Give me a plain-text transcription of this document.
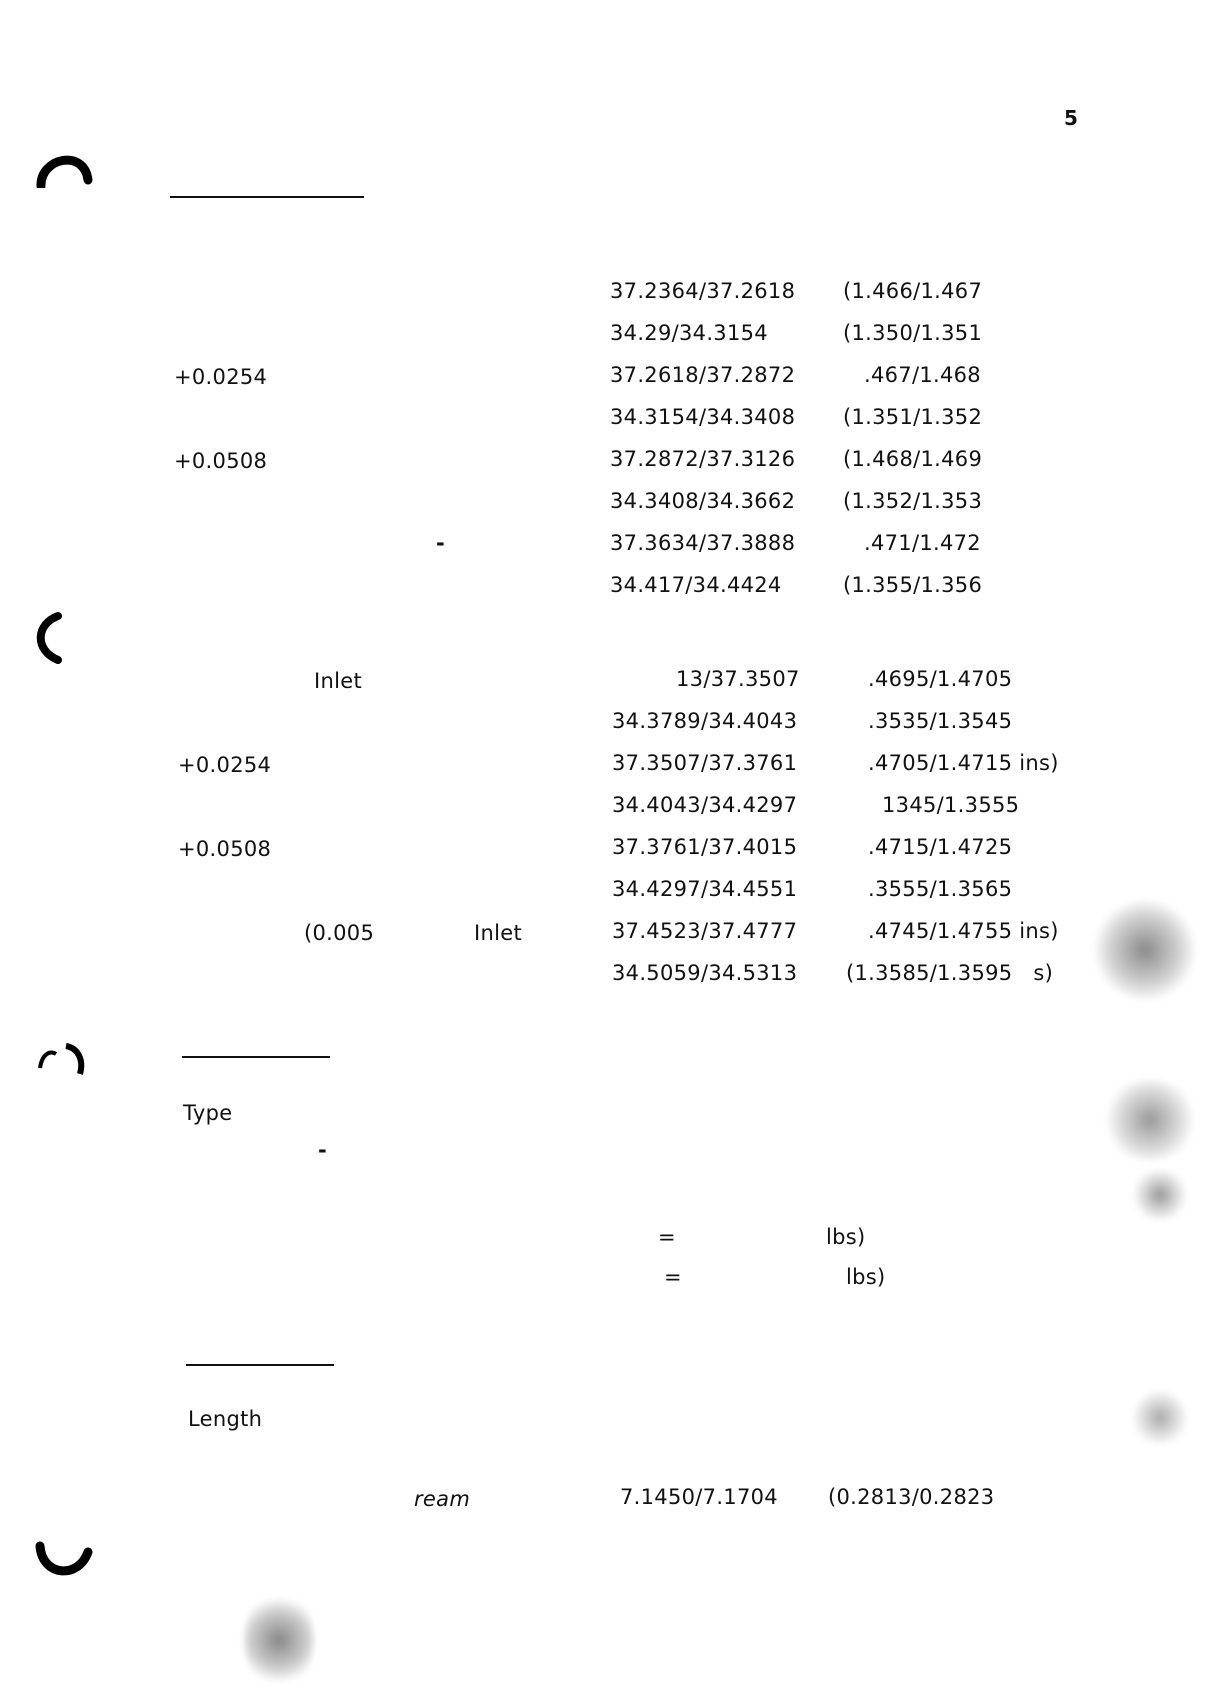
5
37.2364/37.2618 (1.466/1.467
34.29/34.3154	(1.350/1.351
+0.0254	37.2618/37.2872	.467/1.468
34.3154/34.3408 (1.351/1.352
+0.0508	37.2872/37.3126 (1.468/1.469
34.3408/34.3662 (1.352/1.353
-	37.3634/37.3888	.471/1.472
34.417/34.4424	(1.355/1.356
Inlet	13/37.3507	.4695/1.4705
34.3789/34.4043	.3535/1.3545
+0.0254	37.3507/37.3761	.4705/1.4715 ins)
34.4043/34.4297	1345/1.3555
+0.0508	37.3761/37.4015	.4715/1.4725
34.4297/34.4551	.3555/1.3565
(0.005	Inlet	37.4523/37.4777	.4745/1.4755 ins)
34.5059/34.5313 (1.3585/1.3595   s)
Type
-
=	lbs)
=	lbs)
Length
ream	7.1450/7.1704 (0.2813/0.2823
